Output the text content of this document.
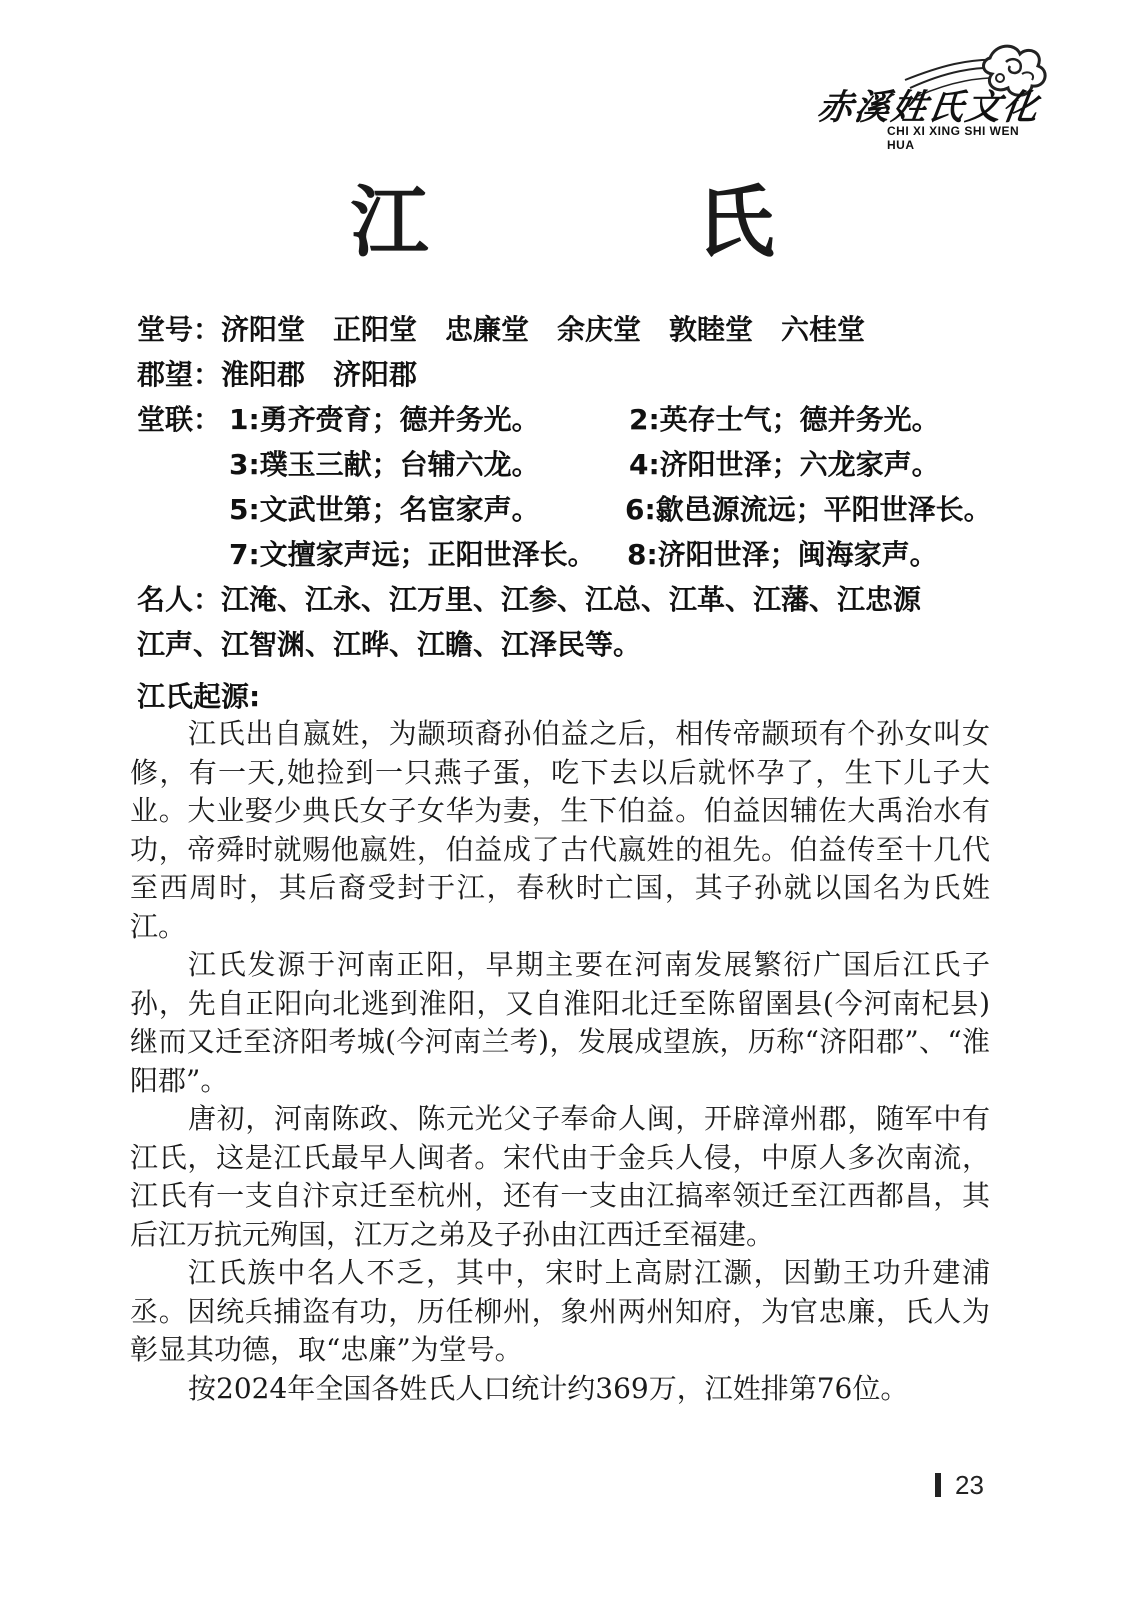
赤溪姓氏文化
CHI XI XING SHI WEN HUA
江　氏
堂号：济阳堂　正阳堂　忠廉堂　余庆堂　敦睦堂　六桂堂
郡望：淮阳郡　济阳郡
堂联： 1:勇齐赍育；德并务光。	2:英存士气；德并务光。
3:璞玉三献；台辅六龙。	4:济阳世泽；六龙家声。
5:文武世第；名宦家声。	6:歙邑源流远；平阳世泽长。
7:文擅家声远；正阳世泽长。 8:济阳世泽；闽海家声。
名人：江淹、江永、江万里、江参、江总、江革、江藩、江忠源
江声、江智渊、江晔、江瞻、江泽民等。
江氏起源:

江氏出自嬴姓，为颛顼裔孙伯益之后，相传帝颛顼有个孙女叫女修，有一天,她捡到一只燕子蛋，吃下去以后就怀孕了，生下儿子大业。大业娶少典氏女子女华为妻，生下伯益。伯益因辅佐大禹治水有功，帝舜时就赐他嬴姓，伯益成了古代嬴姓的祖先。伯益传至十几代至西周时，其后裔受封于江，春秋时亡国，其子孙就以国名为氏姓江。

江氏发源于河南正阳，早期主要在河南发展繁衍广国后江氏子孙，先自正阳向北逃到淮阳，又自淮阳北迁至陈留圉县(今河南杞县)继而又迁至济阳考城(今河南兰考)，发展成望族，历称“济阳郡”、“淮阳郡”。

唐初，河南陈政、陈元光父子奉命人闽，开辟漳州郡，随军中有江氏，这是江氏最早人闽者。宋代由于金兵人侵，中原人多次南流，江氏有一支自汴京迁至杭州，还有一支由江搞率领迁至江西都昌，其后江万抗元殉国，江万之弟及子孙由江西迁至福建。

江氏族中名人不乏，其中，宋时上高尉江灏，因勤王功升建浦丞。因统兵捕盗有功，历任柳州，象州两州知府，为官忠廉，氏人为彰显其功德，取“忠廉”为堂号。

按2024年全国各姓氏人口统计约369万，江姓排第76位。

23
